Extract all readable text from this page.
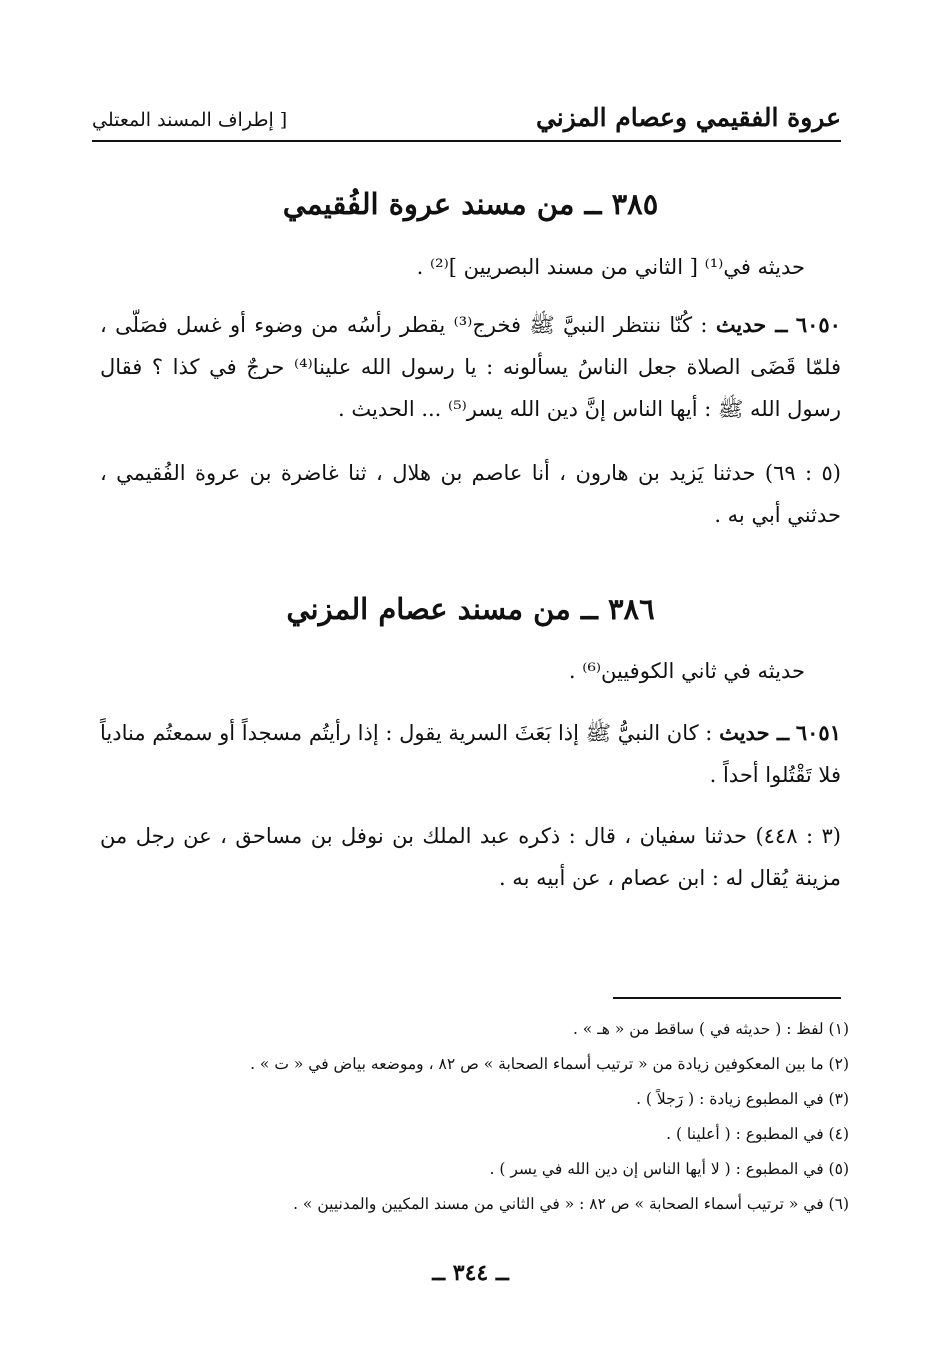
عروة الفقيمي وعصام المزني
[ إطراف المسند المعتلي
٣٨٥ ــ من مسند عروة الفُقيمي
حديثه في⁽¹⁾ [ الثاني من مسند البصريين ]⁽²⁾ .
٦٠٥٠ ــ حديث : كُنّا ننتظر النبيَّ ﷺ فخرج⁽³⁾ يقطر رأسُه من وضوء أو غسل فصَلّى ، فلمّا قَضَى الصلاة جعل الناسُ يسألونه : يا رسول الله علينا⁽⁴⁾ حرجٌ في كذا ؟ فقال رسول الله ﷺ : أيها الناس إنَّ دين الله يسر⁽⁵⁾ ... الحديث .
(٥ : ٦٩) حدثنا يَزيد بن هارون ، أنا عاصم بن هلال ، ثنا غاضرة بن عروة الفُقيمي ، حدثني أبي به .
٣٨٦ ــ من مسند عصام المزني
حديثه في ثاني الكوفيين⁽⁶⁾ .
٦٠٥١ ــ حديث : كان النبيُّ ﷺ إذا بَعَثَ السرية يقول : إذا رأيتُم مسجداً أو سمعتُم منادياً فلا تَقْتُلوا أحداً .
(٣ : ٤٤٨) حدثنا سفيان ، قال : ذكره عبد الملك بن نوفل بن مساحق ، عن رجل من مزينة يُقال له : ابن عصام ، عن أبيه به .
(١) لفظ : ( حديثه في ) ساقط من « هـ » .
(٢) ما بين المعكوفين زيادة من « ترتيب أسماء الصحابة » ص ٨٢ ، وموضعه بياض في « ت » .
(٣) في المطبوع زيادة : ( رَجلاً ) .
(٤) في المطبوع : ( أعلينا ) .
(٥) في المطبوع : ( لا أيها الناس إن دين الله في يسر ) .
(٦) في « ترتيب أسماء الصحابة » ص ٨٢ : « في الثاني من مسند المكيين والمدنيين » .
ــ ٣٤٤ ــ
